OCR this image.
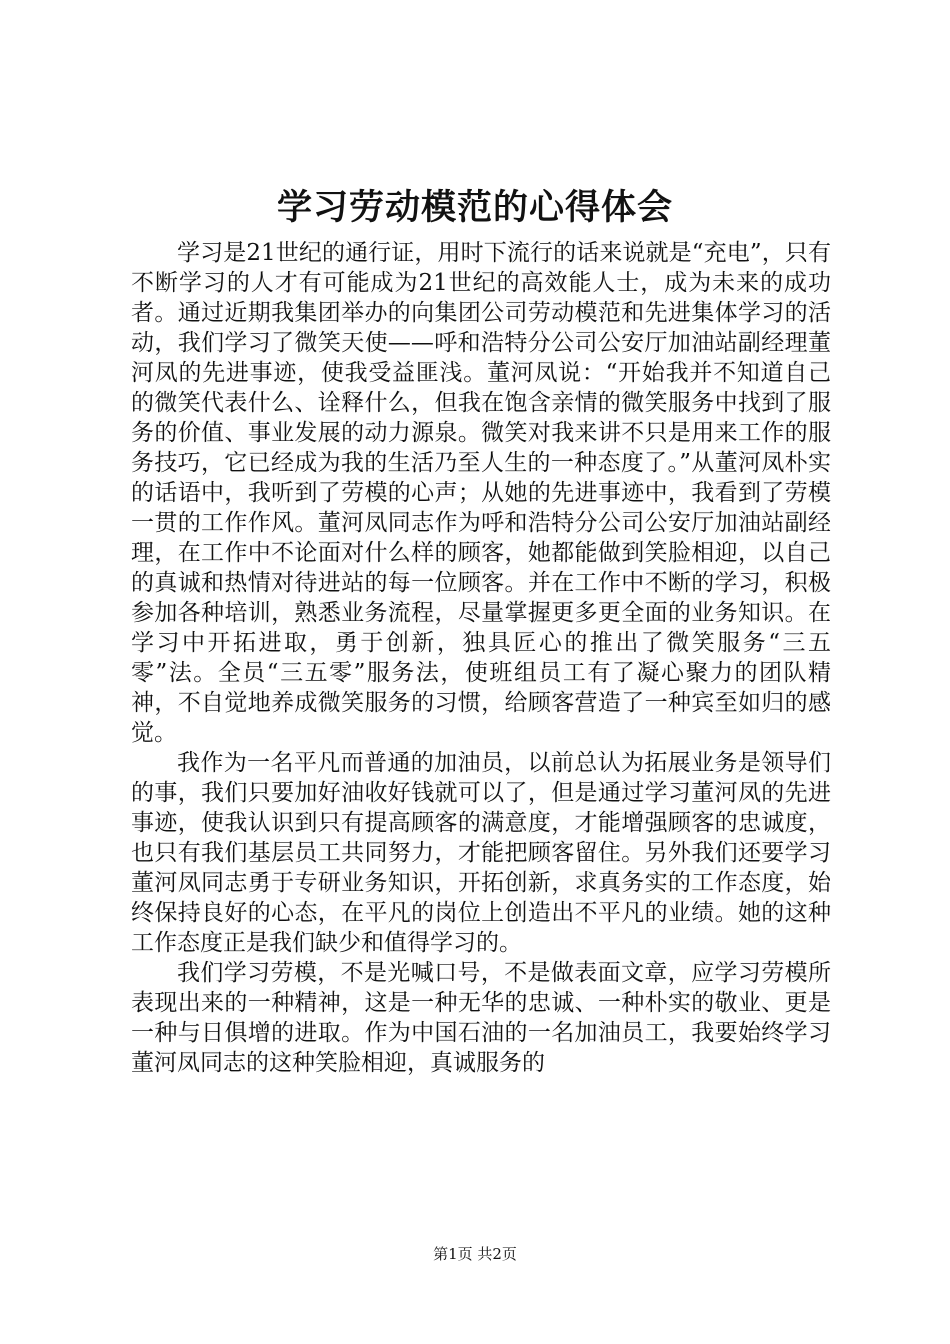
学习劳动模范的心得体会

学习是21世纪的通行证，用时下流行的话来说就是“充电”，只有不断学习的人才有可能成为21世纪的高效能人士，成为未来的成功者。通过近期我集团举办的向集团公司劳动模范和先进集体学习的活动，我们学习了微笑天使——呼和浩特分公司公安厅加油站副经理董河凤的先进事迹，使我受益匪浅。董河凤说：“开始我并不知道自己的微笑代表什么、诠释什么，但我在饱含亲情的微笑服务中找到了服务的价值、事业发展的动力源泉。微笑对我来讲不只是用来工作的服务技巧，它已经成为我的生活乃至人生的一种态度了。”从董河凤朴实的话语中，我听到了劳模的心声；从她的先进事迹中，我看到了劳模一贯的工作作风。董河凤同志作为呼和浩特分公司公安厅加油站副经理，在工作中不论面对什么样的顾客，她都能做到笑脸相迎，以自己的真诚和热情对待进站的每一位顾客。并在工作中不断的学习，积极参加各种培训，熟悉业务流程，尽量掌握更多更全面的业务知识。在学习中开拓进取，勇于创新，独具匠心的推出了微笑服务“三五零”法。全员“三五零”服务法，使班组员工有了凝心聚力的团队精神，不自觉地养成微笑服务的习惯，给顾客营造了一种宾至如归的感觉。

我作为一名平凡而普通的加油员，以前总认为拓展业务是领导们的事，我们只要加好油收好钱就可以了，但是通过学习董河凤的先进事迹，使我认识到只有提高顾客的满意度，才能增强顾客的忠诚度，也只有我们基层员工共同努力，才能把顾客留住。另外我们还要学习董河凤同志勇于专研业务知识，开拓创新，求真务实的工作态度，始终保持良好的心态，在平凡的岗位上创造出不平凡的业绩。她的这种工作态度正是我们缺少和值得学习的。

我们学习劳模，不是光喊口号，不是做表面文章，应学习劳模所表现出来的一种精神，这是一种无华的忠诚、一种朴实的敬业、更是一种与日俱增的进取。作为中国石油的一名加油员工，我要始终学习董河凤同志的这种笑脸相迎，真诚服务的

第1页 共2页
